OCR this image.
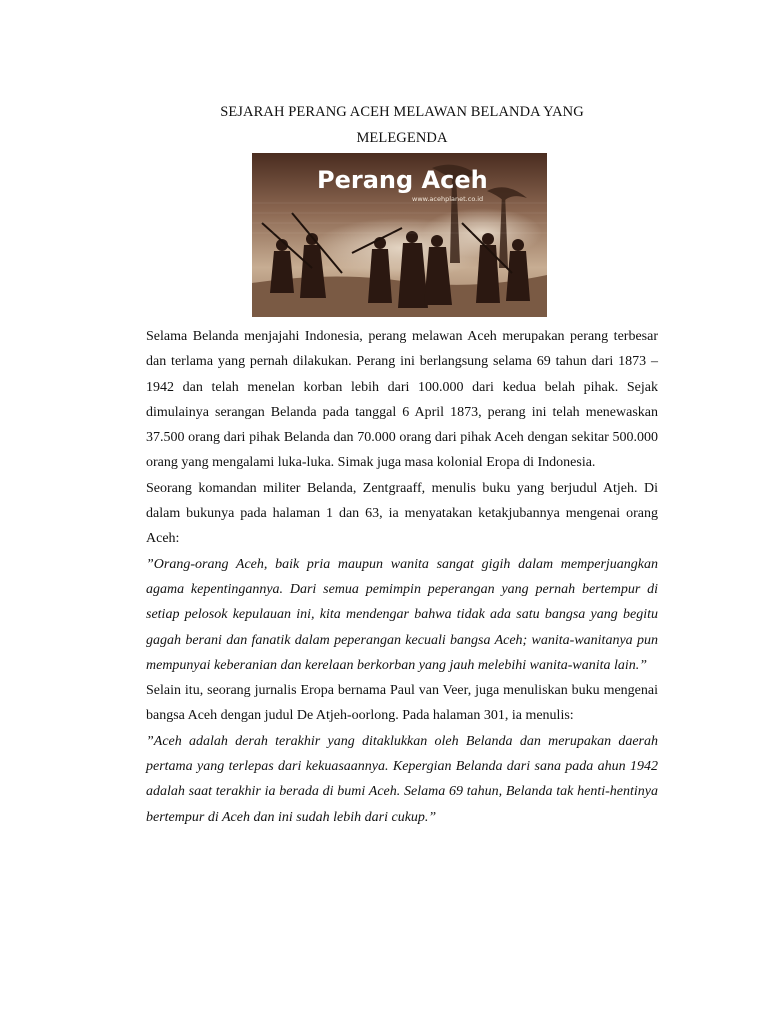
SEJARAH PERANG ACEH MELAWAN BELANDA YANG
MELEGENDA
Perang Aceh
www.acehplanet.co.id

Selama Belanda menjajahi Indonesia, perang melawan Aceh merupakan perang terbesar dan terlama yang pernah dilakukan. Perang ini berlangsung selama 69 tahun dari 1873 – 1942 dan telah menelan korban lebih dari 100.000 dari kedua belah pihak. Sejak dimulainya serangan Belanda pada tanggal 6 April 1873, perang ini telah menewaskan 37.500 orang dari pihak Belanda dan 70.000 orang dari pihak Aceh dengan sekitar 500.000 orang yang mengalami luka-luka. Simak juga masa kolonial Eropa di Indonesia.

Seorang komandan militer Belanda, Zentgraaff, menulis buku yang berjudul Atjeh. Di dalam bukunya pada halaman 1 dan 63, ia menyatakan ketakjubannya mengenai orang Aceh:

”Orang-orang Aceh, baik pria maupun wanita sangat gigih dalam memperjuangkan agama kepentingannya. Dari semua pemimpin peperangan yang pernah bertempur di setiap pelosok kepulauan ini, kita mendengar bahwa tidak ada satu bangsa yang begitu gagah berani dan fanatik dalam peperangan kecuali bangsa Aceh; wanita-wanitanya pun mempunyai keberanian dan kerelaan berkorban yang jauh melebihi wanita-wanita lain.”

Selain itu, seorang jurnalis Eropa bernama Paul van Veer, juga menuliskan buku mengenai bangsa Aceh dengan judul De Atjeh-oorlong. Pada halaman 301, ia menulis:

”Aceh adalah derah terakhir yang ditaklukkan oleh Belanda dan merupakan daerah pertama yang terlepas dari kekuasaannya. Kepergian Belanda dari sana pada ahun 1942 adalah saat terakhir ia berada di bumi Aceh. Selama 69 tahun, Belanda tak henti-hentinya bertempur di Aceh dan ini sudah lebih dari cukup.”
